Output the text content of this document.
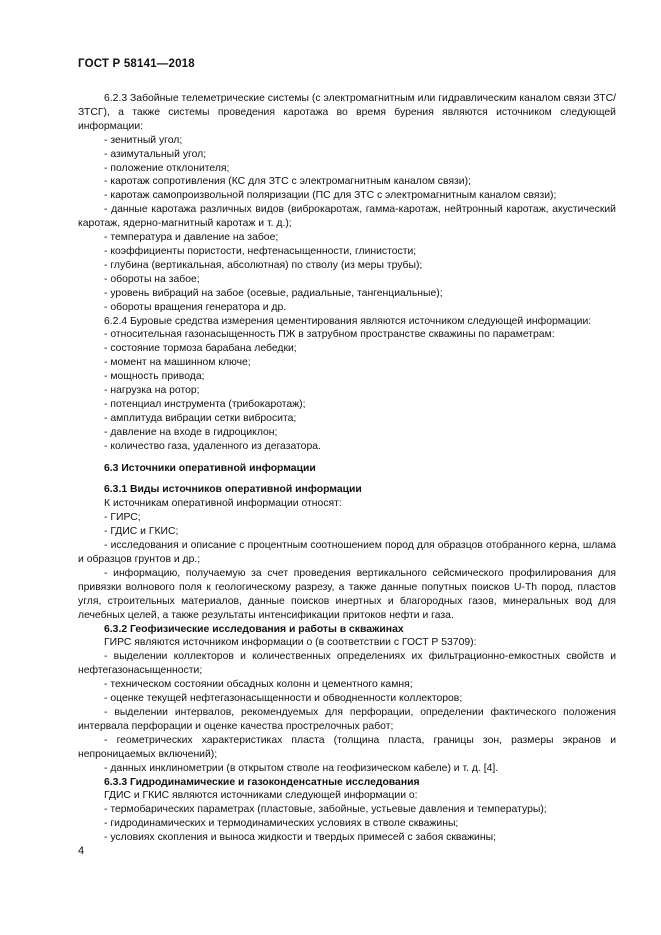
ГОСТ Р 58141—2018

6.2.3 Забойные телеметрические системы (с электромагнитным или гидравлическим каналом связи ЗТС/ЗТСГ), а также системы проведения каротажа во время бурения являются источником следующей информации:

- зенитный угол;

- азимутальный угол;

- положение отклонителя;

- каротаж сопротивления (КС для ЗТС с электромагнитным каналом связи);

- каротаж самопроизвольной поляризации (ПС для ЗТС с электромагнитным каналом связи);

- данные каротажа различных видов (виброкаротаж, гамма-каротаж, нейтронный каротаж, акустический каротаж, ядерно-магнитный каротаж и т. д.);

- температура и давление на забое;

- коэффициенты пористости, нефтенасыщенности, глинистости;

- глубина (вертикальная, абсолютная) по стволу (из меры трубы);

- обороты на забое;

- уровень вибраций на забое (осевые, радиальные, тангенциальные);

- обороты вращения генератора и др.

6.2.4 Буровые средства измерения цементирования являются источником следующей информации:

- относительная газонасыщенность ПЖ в затрубном пространстве скважины по параметрам:

- состояние тормоза барабана лебедки;

- момент на машинном ключе;

- мощность привода;

- нагрузка на ротор;

- потенциал инструмента (трибокаротаж);

- амплитуда вибрации сетки вибросита;

- давление на входе в гидроциклон;

- количество газа, удаленного из дегазатора.

6.3 Источники оперативной информации

6.3.1 Виды источников оперативной информации

К источникам оперативной информации относят:

- ГИРС;

- ГДИС и ГКИС;

- исследования и описание с процентным соотношением пород для образцов отобранного керна, шлама и образцов грунтов и др.;

- информацию, получаемую за счет проведения вертикального сейсмического профилирования для привязки волнового поля к геологическому разрезу, а также данные попутных поисков U-Th пород, пластов угля, строительных материалов, данные поисков инертных и благородных газов, минеральных вод для лечебных целей, а также результаты интенсификации притоков нефти и газа.

6.3.2 Геофизические исследования и работы в скважинах

ГИРС являются источником информации о (в соответствии с ГОСТ Р 53709):

- выделении коллекторов и количественных определениях их фильтрационно-емкостных свойств и нефтегазонасыщенности;

- техническом состоянии обсадных колонн и цементного камня;

- оценке текущей нефтегазонасыщенности и обводненности коллекторов;

- выделении интервалов, рекомендуемых для перфорации, определении фактического положения интервала перфорации и оценке качества прострелочных работ;

- геометрических характеристиках пласта (толщина пласта, границы зон, размеры экранов и непроницаемых включений);

- данных инклинометрии (в открытом стволе на геофизическом кабеле) и т. д. [4].

6.3.3 Гидродинамические и газоконденсатные исследования

ГДИС и ГКИС являются источниками следующей информации о:

- термобарических параметрах (пластовые, забойные, устьевые давления и температуры);

- гидродинамических и термодинамических условиях в стволе скважины;

- условиях скопления и выноса жидкости и твердых примесей с забоя скважины;

4
